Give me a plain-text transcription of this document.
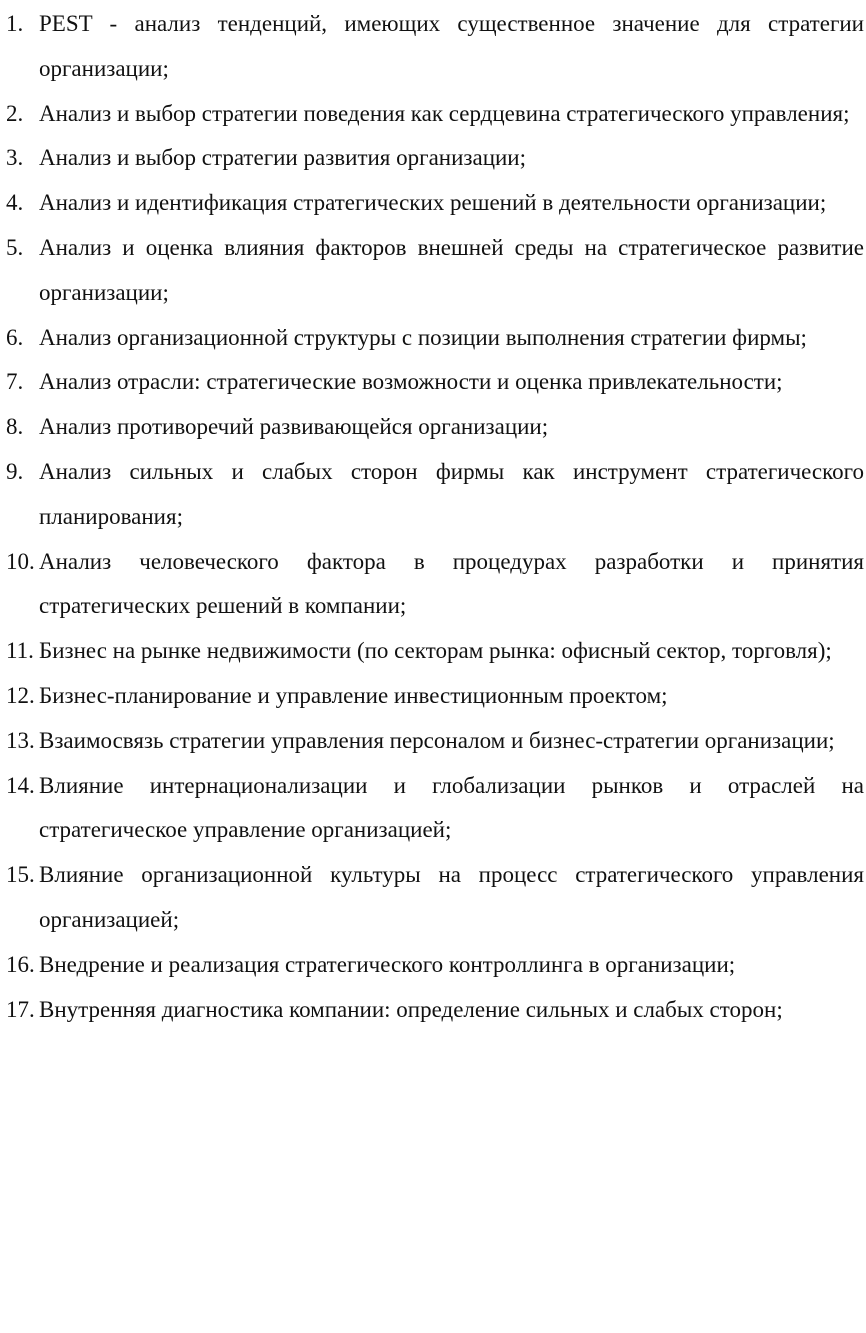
1. PEST - анализ тенденций, имеющих существенное значение для стратегии организации;
2. Анализ и выбор стратегии поведения как сердцевина стратегического управления;
3. Анализ и выбор стратегии развития организации;
4. Анализ и идентификация стратегических решений в деятельности организации;
5. Анализ и оценка влияния факторов внешней среды на стратегическое развитие организации;
6. Анализ организационной структуры с позиции выполнения стратегии фирмы;
7. Анализ отрасли: стратегические возможности и оценка привлекательности;
8. Анализ противоречий развивающейся организации;
9. Анализ сильных и слабых сторон фирмы как инструмент стратегического планирования;
10. Анализ человеческого фактора в процедурах разработки и принятия стратегических решений в компании;
11. Бизнес на рынке недвижимости (по секторам рынка: офисный сектор, торговля);
12. Бизнес-планирование и управление инвестиционным проектом;
13. Взаимосвязь стратегии управления персоналом и бизнес-стратегии организации;
14. Влияние интернационализации и глобализации рынков и отраслей на стратегическое управление организацией;
15. Влияние организационной культуры на процесс стратегического управления организацией;
16. Внедрение и реализация стратегического контроллинга в организации;
17. Внутренняя диагностика компании: определение сильных и слабых сторон;
